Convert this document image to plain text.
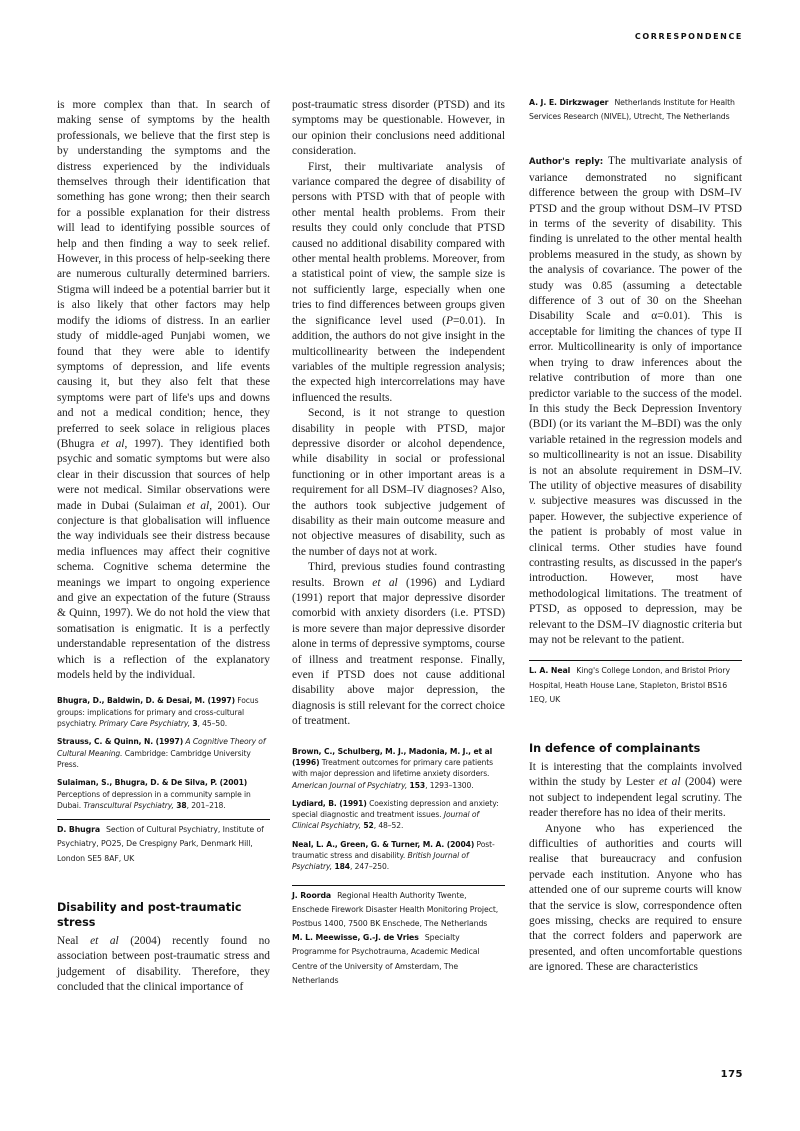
CORRESPONDENCE

is more complex than that. In search of making sense of symptoms by the health professionals, we believe that the first step is by understanding the symptoms and the distress experienced by the individuals themselves through their identification that something has gone wrong; then their search for a possible explanation for their distress will lead to identifying possible sources of help and then finding a way to seek relief. However, in this process of help-seeking there are numerous culturally determined barriers. Stigma will indeed be a potential barrier but it is also likely that other factors may help modify the idioms of distress. In an earlier study of middle-aged Punjabi women, we found that they were able to identify symptoms of depression, and life events causing it, but they also felt that these symptoms were part of life's ups and downs and not a medical condition; hence, they preferred to seek solace in religious places (Bhugra et al, 1997). They identified both psychic and somatic symptoms but were also clear in their discussion that sources of help were not medical. Similar observations were made in Dubai (Sulaiman et al, 2001). Our conjecture is that globalisation will influence the way individuals see their distress because media influences may affect their cognitive schema. Cognitive schema determine the meanings we impart to ongoing experience and give an expectation of the future (Strauss & Quinn, 1997). We do not hold the view that somatisation is enigmatic. It is a perfectly understandable representation of the distress which is a reflection of the explanatory models held by the individual.

Bhugra, D., Baldwin, D. & Desai, M. (1997) Focus groups: implications for primary and cross-cultural psychiatry. Primary Care Psychiatry, 3, 45–50.

Strauss, C. & Quinn, N. (1997) A Cognitive Theory of Cultural Meaning. Cambridge: Cambridge University Press.

Sulaiman, S., Bhugra, D. & De Silva, P. (2001) Perceptions of depression in a community sample in Dubai. Transcultural Psychiatry, 38, 201–218.

D. Bhugra Section of Cultural Psychiatry, Institute of Psychiatry, PO25, De Crespigny Park, Denmark Hill, London SE5 8AF, UK

Disability and post-traumatic stress

Neal et al (2004) recently found no association between post-traumatic stress and judgement of disability. Therefore, they concluded that the clinical importance of

post-traumatic stress disorder (PTSD) and its symptoms may be questionable. However, in our opinion their conclusions need additional consideration.

First, their multivariate analysis of variance compared the degree of disability of persons with PTSD with that of people with other mental health problems. From their results they could only conclude that PTSD caused no additional disability compared with other mental health problems. Moreover, from a statistical point of view, the sample size is not sufficiently large, especially when one tries to find differences between groups given the significance level used (P=0.01). In addition, the authors do not give insight in the multicollinearity between the independent variables of the multiple regression analysis; the expected high intercorrelations may have influenced the results.

Second, is it not strange to question disability in people with PTSD, major depressive disorder or alcohol dependence, while disability in social or professional functioning or in other important areas is a requirement for all DSM–IV diagnoses? Also, the authors took subjective judgement of disability as their main outcome measure and not objective measures of disability, such as the number of days not at work.

Third, previous studies found contrasting results. Brown et al (1996) and Lydiard (1991) report that major depressive disorder comorbid with anxiety disorders (i.e. PTSD) is more severe than major depressive disorder alone in terms of depressive symptoms, course of illness and treatment response. Finally, even if PTSD does not cause additional disability above major depression, the diagnosis is still relevant for the correct choice of treatment.

Brown, C., Schulberg, M. J., Madonia, M. J., et al (1996) Treatment outcomes for primary care patients with major depression and lifetime anxiety disorders. American Journal of Psychiatry, 153, 1293–1300.

Lydiard, B. (1991) Coexisting depression and anxiety: special diagnostic and treatment issues. Journal of Clinical Psychiatry, 52, 48–52.

Neal, L. A., Green, G. & Turner, M. A. (2004) Post-traumatic stress and disability. British Journal of Psychiatry, 184, 247–250.

J. Roorda Regional Health Authority Twente, Enschede Firework Disaster Health Monitoring Project, Postbus 1400, 7500 BK Enschede, The Netherlands

M. L. Meewisse, G.-J. de Vries Specialty Programme for Psychotrauma, Academic Medical Centre of the University of Amsterdam, The Netherlands

A. J. E. Dirkzwager Netherlands Institute for Health Services Research (NIVEL), Utrecht, The Netherlands

Author's reply: The multivariate analysis of variance demonstrated no significant difference between the group with DSM–IV PTSD and the group without DSM–IV PTSD in terms of the severity of disability. This finding is unrelated to the other mental health problems measured in the study, as shown by the analysis of covariance. The power of the study was 0.85 (assuming a detectable difference of 3 out of 30 on the Sheehan Disability Scale and α=0.01). This is acceptable for limiting the chances of type II error. Multicollinearity is only of importance when trying to draw inferences about the relative contribution of more than one predictor variable to the success of the model. In this study the Beck Depression Inventory (BDI) (or its variant the M–BDI) was the only variable retained in the regression models and so multicollinearity is not an issue. Disability is not an absolute requirement in DSM–IV. The utility of objective measures of disability v. subjective measures was discussed in the paper. However, the subjective experience of the patient is probably of most value in clinical terms. Other studies have found contrasting results, as discussed in the paper's introduction. However, most have methodological limitations. The treatment of PTSD, as opposed to depression, may be relevant to the DSM–IV diagnostic criteria but may not be relevant to the patient.

L. A. Neal King's College London, and Bristol Priory Hospital, Heath House Lane, Stapleton, Bristol BS16 1EQ, UK

In defence of complainants

It is interesting that the complaints involved within the study by Lester et al (2004) were not subject to independent legal scrutiny. The reader therefore has no idea of their merits.

Anyone who has experienced the difficulties of authorities and courts will realise that bureaucracy and confusion pervade each institution. Anyone who has attended one of our supreme courts will know that the service is slow, correspondence often goes missing, checks are required to ensure that the correct folders and paperwork are presented, and often uncomfortable questions are ignored. These are characteristics

175
